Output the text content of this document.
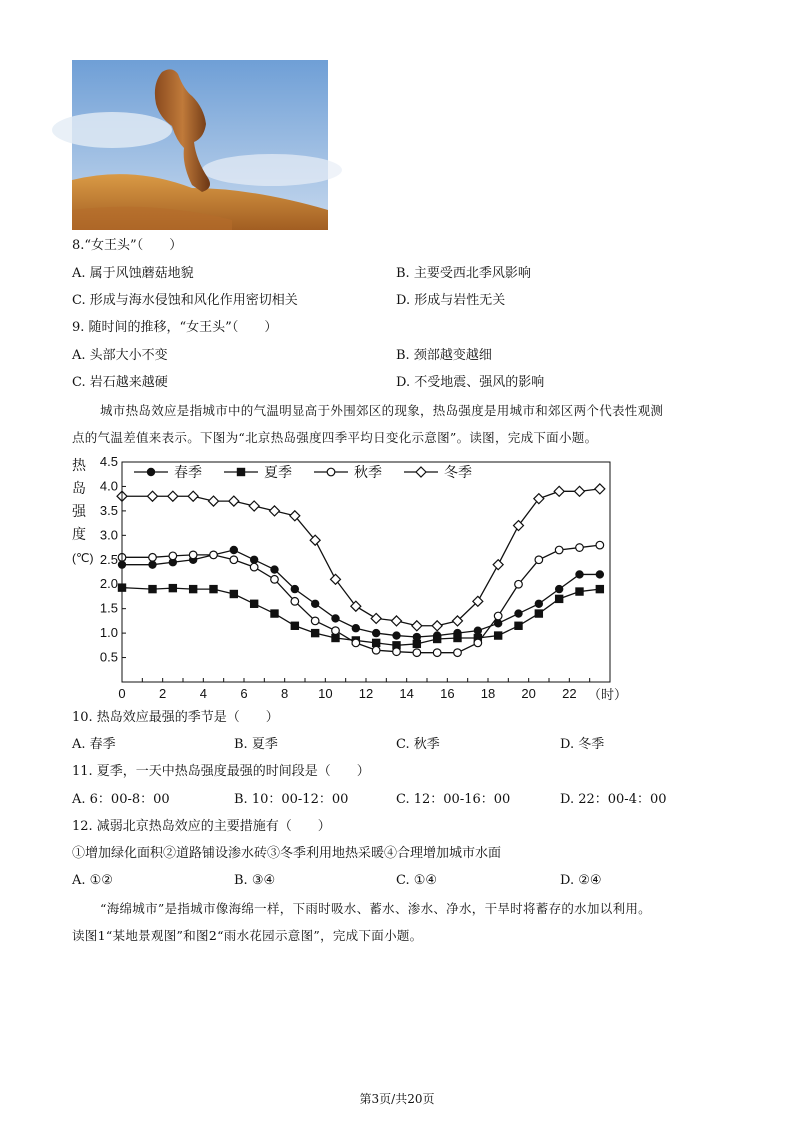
8.“女王头”（　　）
A. 属于风蚀蘑菇地貌	B. 主要受西北季风影响
C. 形成与海水侵蚀和风化作用密切相关	D. 形成与岩性无关
9. 随时间的推移，“女王头”（　　）
A. 头部大小不变	B. 颈部越变越细
C. 岩石越来越硬	D. 不受地震、强风的影响
城市热岛效应是指城市中的气温明显高于外围郊区的现象，热岛强度是用城市和郊区两个代表性观测
点的气温差值来表示。下图为“北京热岛强度四季平均日变化示意图”。读图，完成下面小题。
热
岛
强
度
(℃)
0.5
1.0
1.5
2.0
2.5
3.0
3.5
4.0
4.5
0	2	4	6	8 10 12 14 16 18 20 22
春季	夏季	秋季	冬季
（时）
10. 热岛效应最强的季节是（　　）
A. 春季	B. 夏季	C. 秋季	D. 冬季
11. 夏季，一天中热岛强度最强的时间段是（　　）
A. 6：00-8：00	B. 10：00-12：00	C. 12：00-16：00	D. 22：00-4：00
12. 减弱北京热岛效应的主要措施有（　　）
①增加绿化面积②道路铺设渗水砖③冬季利用地热采暖④合理增加城市水面
A. ①②	B. ③④	C. ①④	D. ②④
“海绵城市”是指城市像海绵一样，下雨时吸水、蓄水、渗水、净水，干旱时将蓄存的水加以利用。
读图1“某地景观图”和图2“雨水花园示意图”，完成下面小题。
第3页/共20页
